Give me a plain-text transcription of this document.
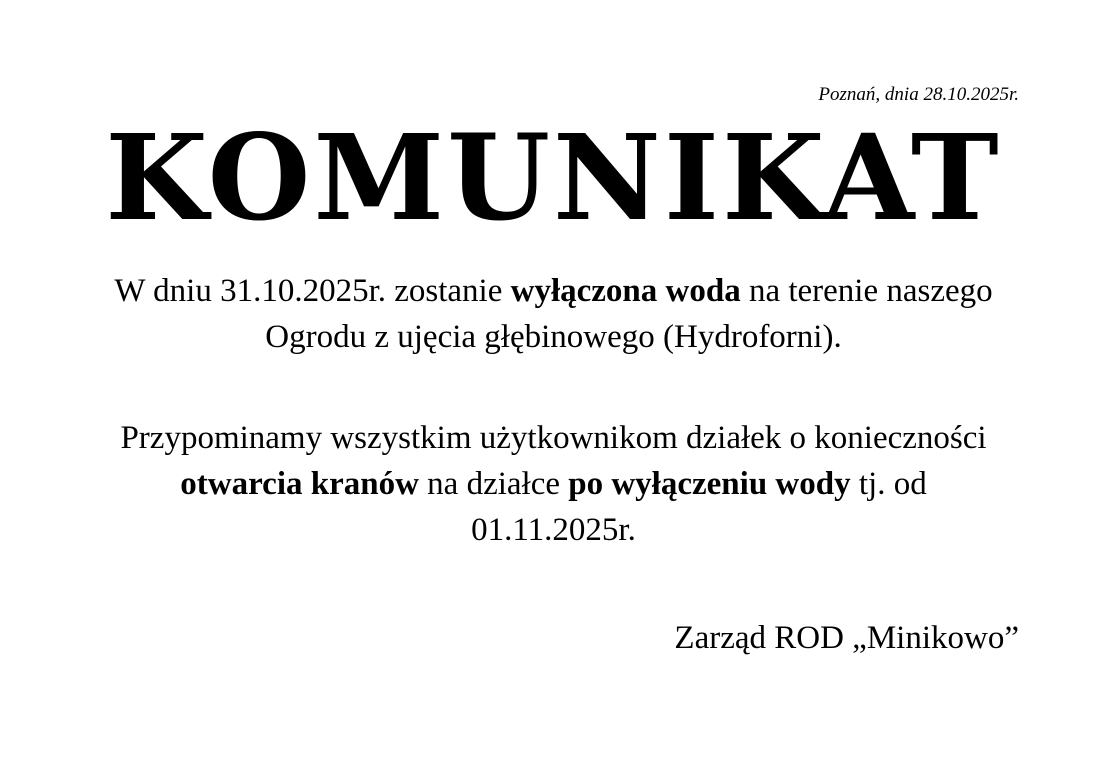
Poznań, dnia 28.10.2025r.
KOMUNIKAT
W dniu 31.10.2025r. zostanie wyłączona woda na terenie naszego Ogrodu z ujęcia głębinowego (Hydroforni).
Przypominamy wszystkim użytkownikom działek o konieczności otwarcia kranów na działce po wyłączeniu wody tj. od 01.11.2025r.
Zarząd ROD „Minikowo”
